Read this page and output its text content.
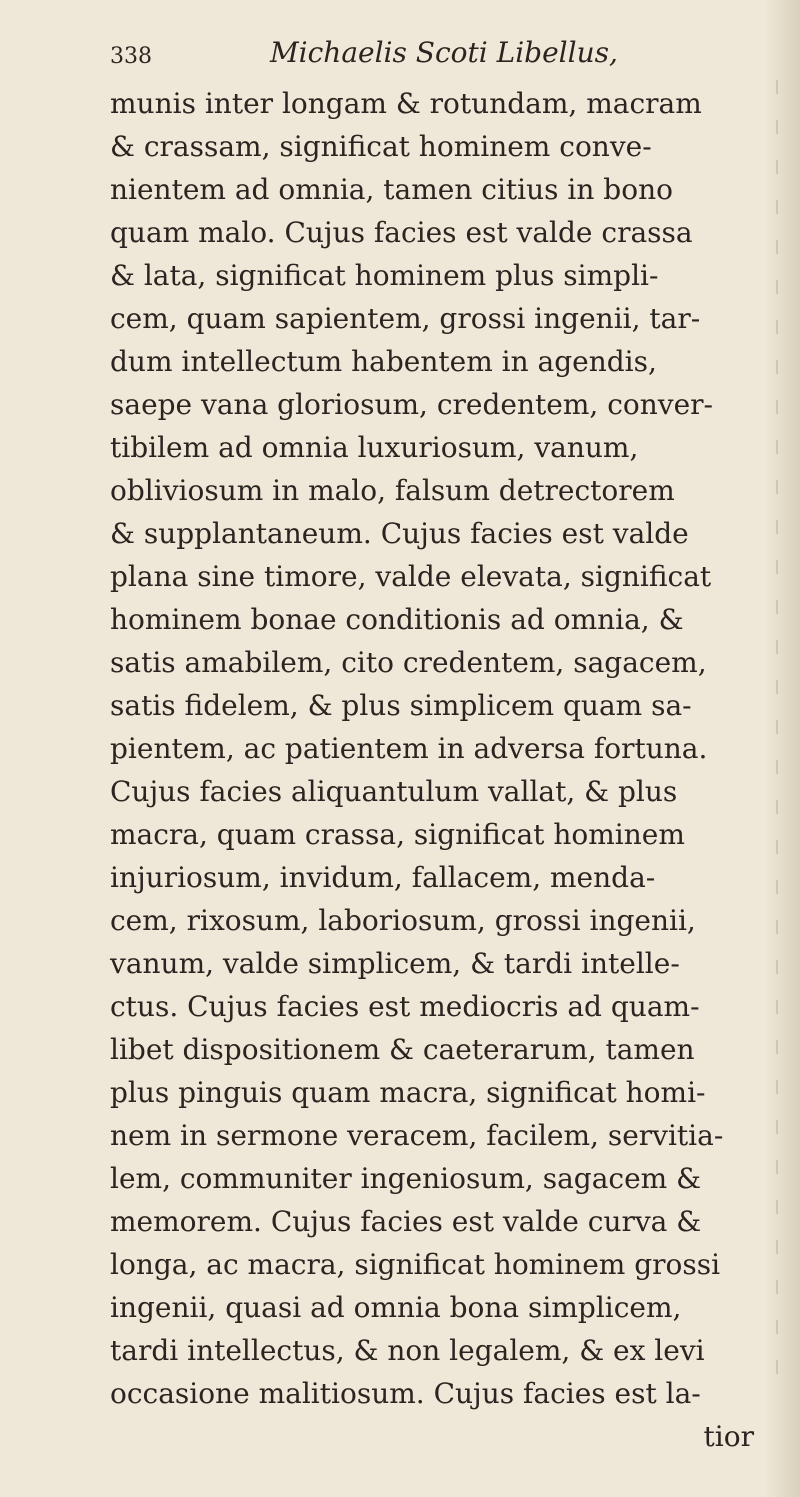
338	Michaelis Scoti Libellus,
munis inter longam & rotundam, macram
& crassam, significat hominem conve-
nientem ad omnia, tamen citius in bono
quam malo. Cujus facies est valde crassa
& lata, significat hominem plus simpli-
cem, quam sapientem, grossi ingenii, tar-
dum intellectum habentem in agendis,
saepe vana gloriosum, credentem, conver-
tibilem ad omnia luxuriosum, vanum,
obliviosum in malo, falsum detrectorem
& supplantaneum. Cujus facies est valde
plana sine timore, valde elevata, significat
hominem bonae conditionis ad omnia, &
satis amabilem, cito credentem, sagacem,
satis fidelem, & plus simplicem quam sa-
pientem, ac patientem in adversa fortuna.
Cujus facies aliquantulum vallat, & plus
macra, quam crassa, significat hominem
injuriosum, invidum, fallacem, menda-
cem, rixosum, laboriosum, grossi ingenii,
vanum, valde simplicem, & tardi intelle-
ctus. Cujus facies est mediocris ad quam-
libet dispositionem & caeterarum, tamen
plus pinguis quam macra, significat homi-
nem in sermone veracem, facilem, servitia-
lem, communiter ingeniosum, sagacem &
memorem. Cujus facies est valde curva &
longa, ac macra, significat hominem grossi
ingenii, quasi ad omnia bona simplicem,
tardi intellectus, & non legalem, & ex levi
occasione malitiosum. Cujus facies est la-
tior
